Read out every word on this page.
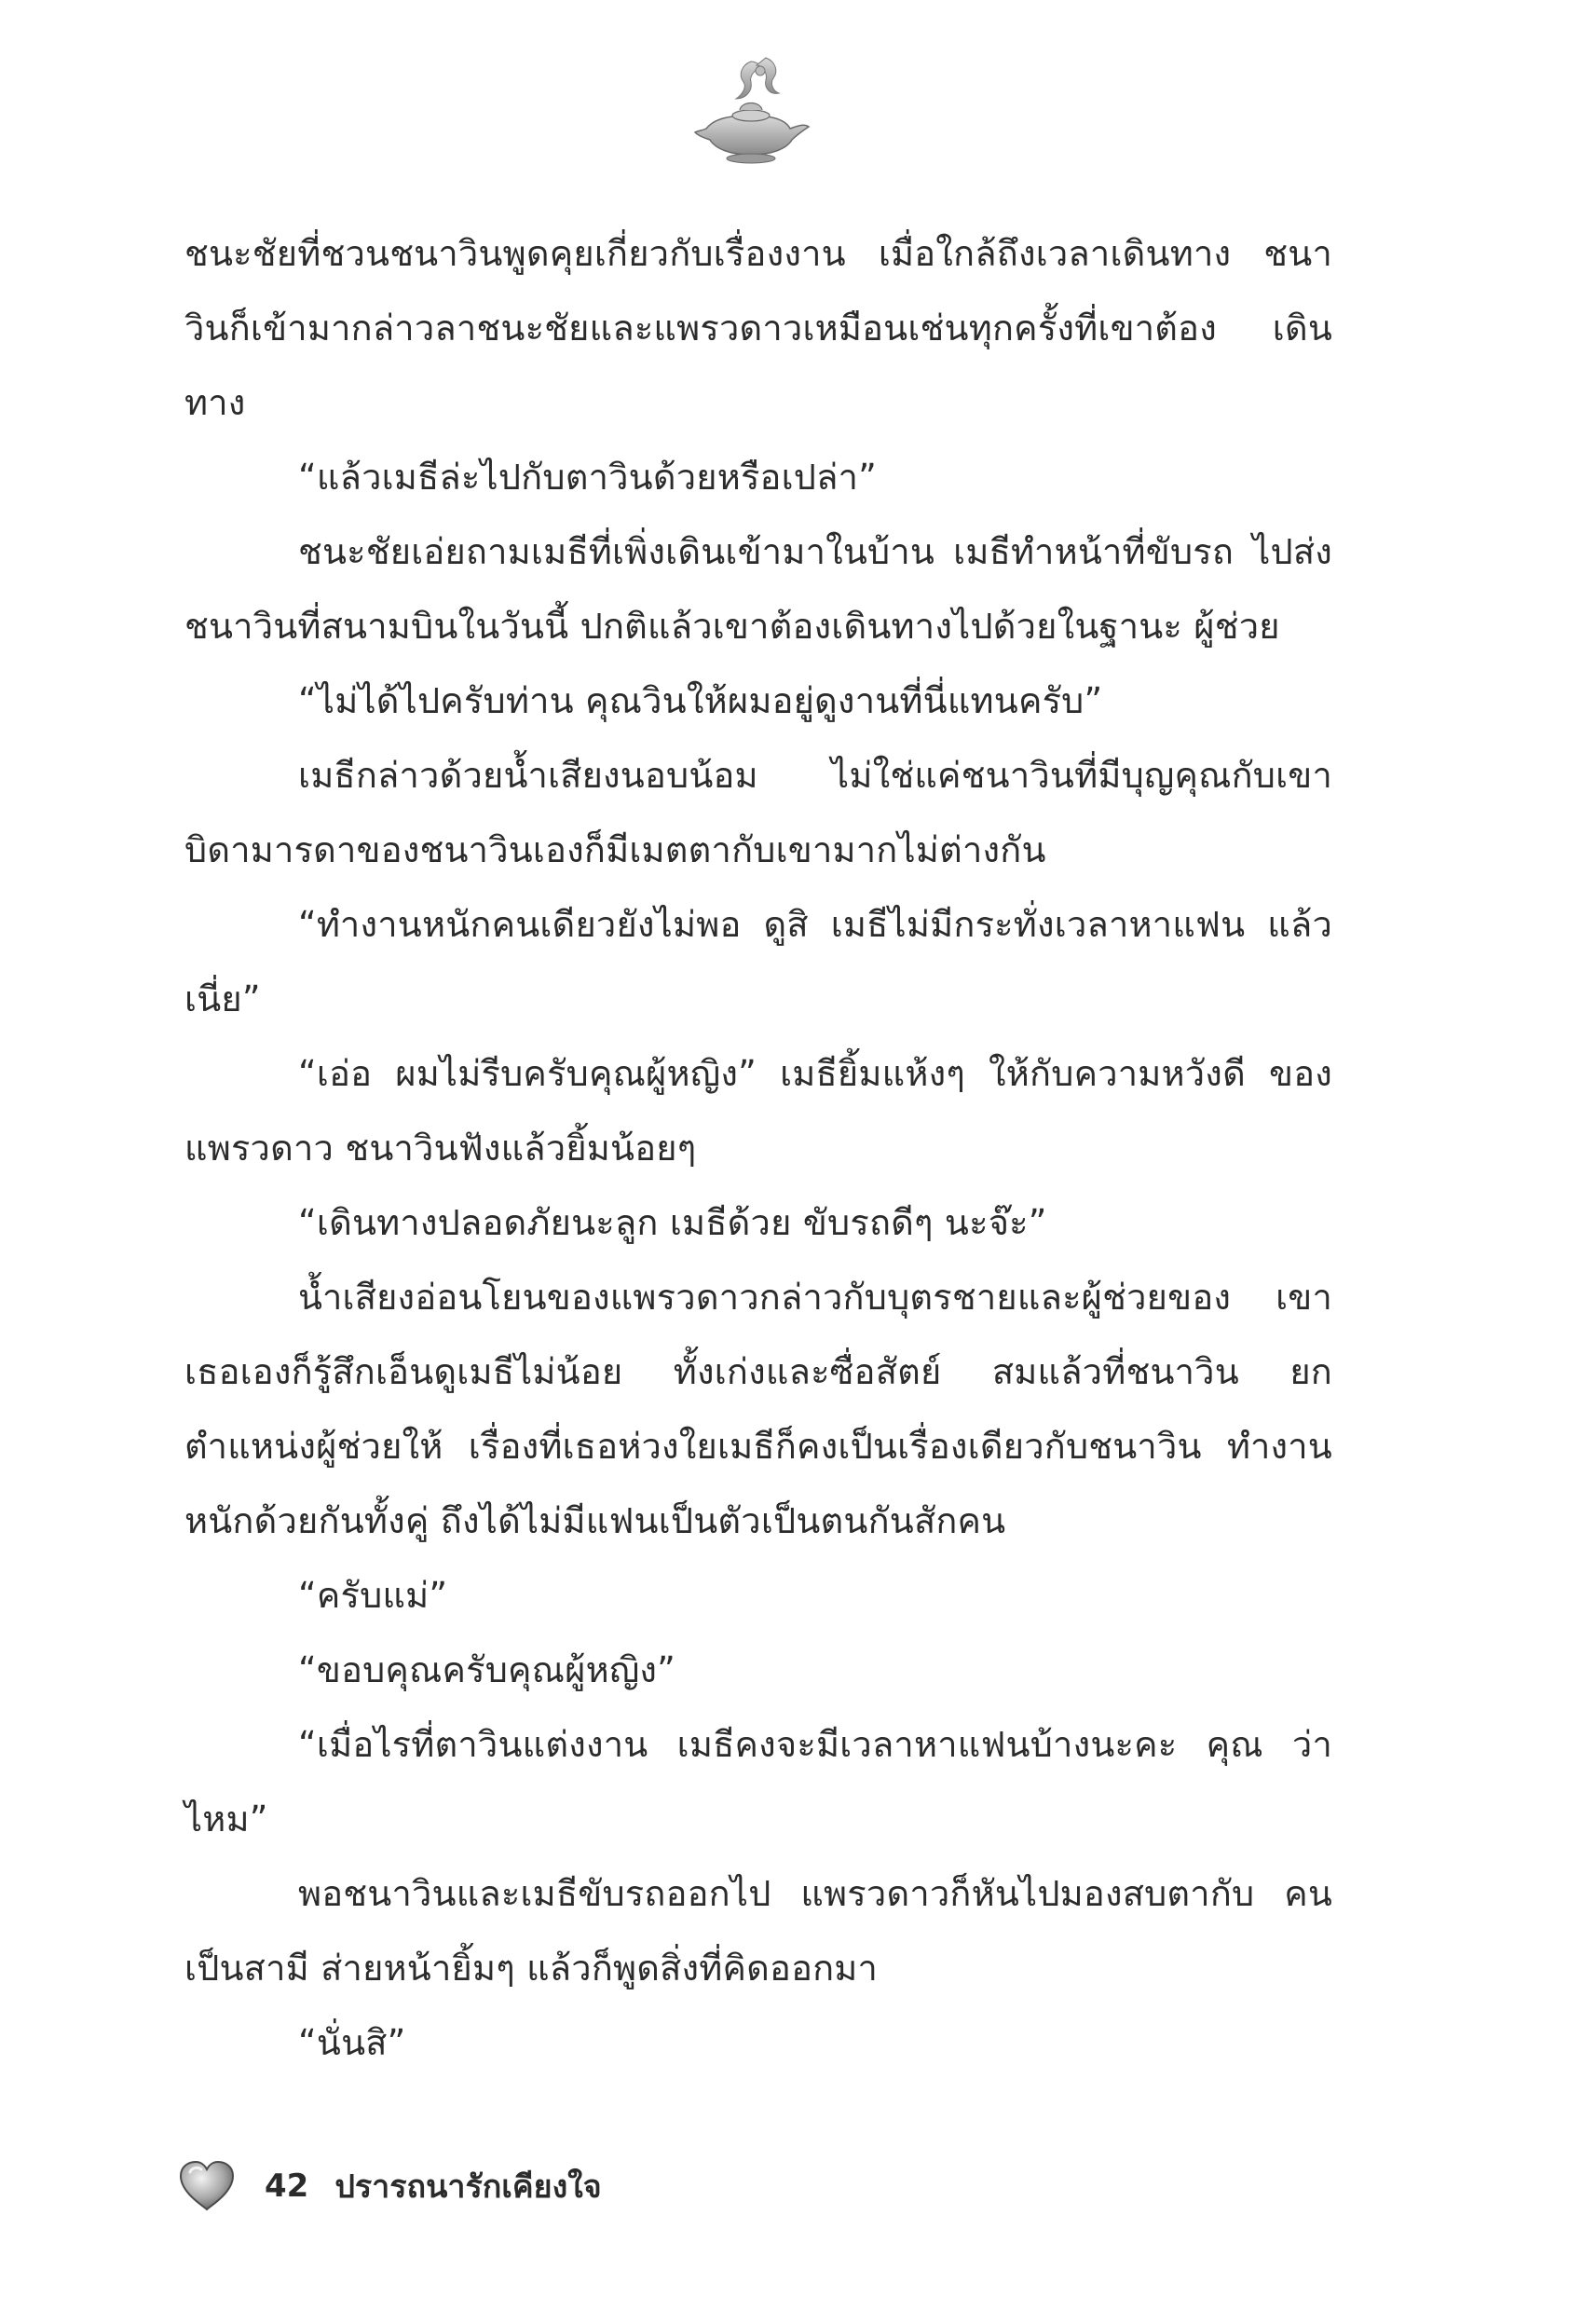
ชนะชัยที่ชวนชนาวินพูดคุยเกี่ยวกับเรื่องงาน เมื่อใกล้ถึงเวลาเดินทาง ชนาวินก็เข้ามากล่าวลาชนะชัยและแพรวดาวเหมือนเช่นทุกครั้งที่เขาต้อง เดินทาง

“แล้วเมธีล่ะไปกับตาวินด้วยหรือเปล่า”

ชนะชัยเอ่ยถามเมธีที่เพิ่งเดินเข้ามาในบ้าน เมธีทำหน้าที่ขับรถ ไปส่งชนาวินที่สนามบินในวันนี้ ปกติแล้วเขาต้องเดินทางไปด้วยในฐานะ ผู้ช่วย

“ไม่ได้ไปครับท่าน คุณวินให้ผมอยู่ดูงานที่นี่แทนครับ”

เมธีกล่าวด้วยน้ำเสียงนอบน้อม ไม่ใช่แค่ชนาวินที่มีบุญคุณกับเขา บิดามารดาของชนาวินเองก็มีเมตตากับเขามากไม่ต่างกัน

“ทำงานหนักคนเดียวยังไม่พอ ดูสิ เมธีไม่มีกระทั่งเวลาหาแฟน แล้วเนี่ย”

“เอ่อ ผมไม่รีบครับคุณผู้หญิง” เมธียิ้มแห้งๆ ให้กับความหวังดี ของแพรวดาว ชนาวินฟังแล้วยิ้มน้อยๆ

“เดินทางปลอดภัยนะลูก เมธีด้วย ขับรถดีๆ นะจ๊ะ”

น้ำเสียงอ่อนโยนของแพรวดาวกล่าวกับบุตรชายและผู้ช่วยของ เขา เธอเองก็รู้สึกเอ็นดูเมธีไม่น้อย ทั้งเก่งและซื่อสัตย์ สมแล้วที่ชนาวิน ยกตำแหน่งผู้ช่วยให้ เรื่องที่เธอห่วงใยเมธีก็คงเป็นเรื่องเดียวกับชนาวิน ทำงานหนักด้วยกันทั้งคู่ ถึงได้ไม่มีแฟนเป็นตัวเป็นตนกันสักคน

“ครับแม่”

“ขอบคุณครับคุณผู้หญิง”

“เมื่อไรที่ตาวินแต่งงาน เมธีคงจะมีเวลาหาแฟนบ้างนะคะ คุณ ว่าไหม”

พอชนาวินและเมธีขับรถออกไป แพรวดาวก็หันไปมองสบตากับ คนเป็นสามี ส่ายหน้ายิ้มๆ แล้วก็พูดสิ่งที่คิดออกมา

“นั่นสิ”

42 ปรารถนารักเคียงใจ
